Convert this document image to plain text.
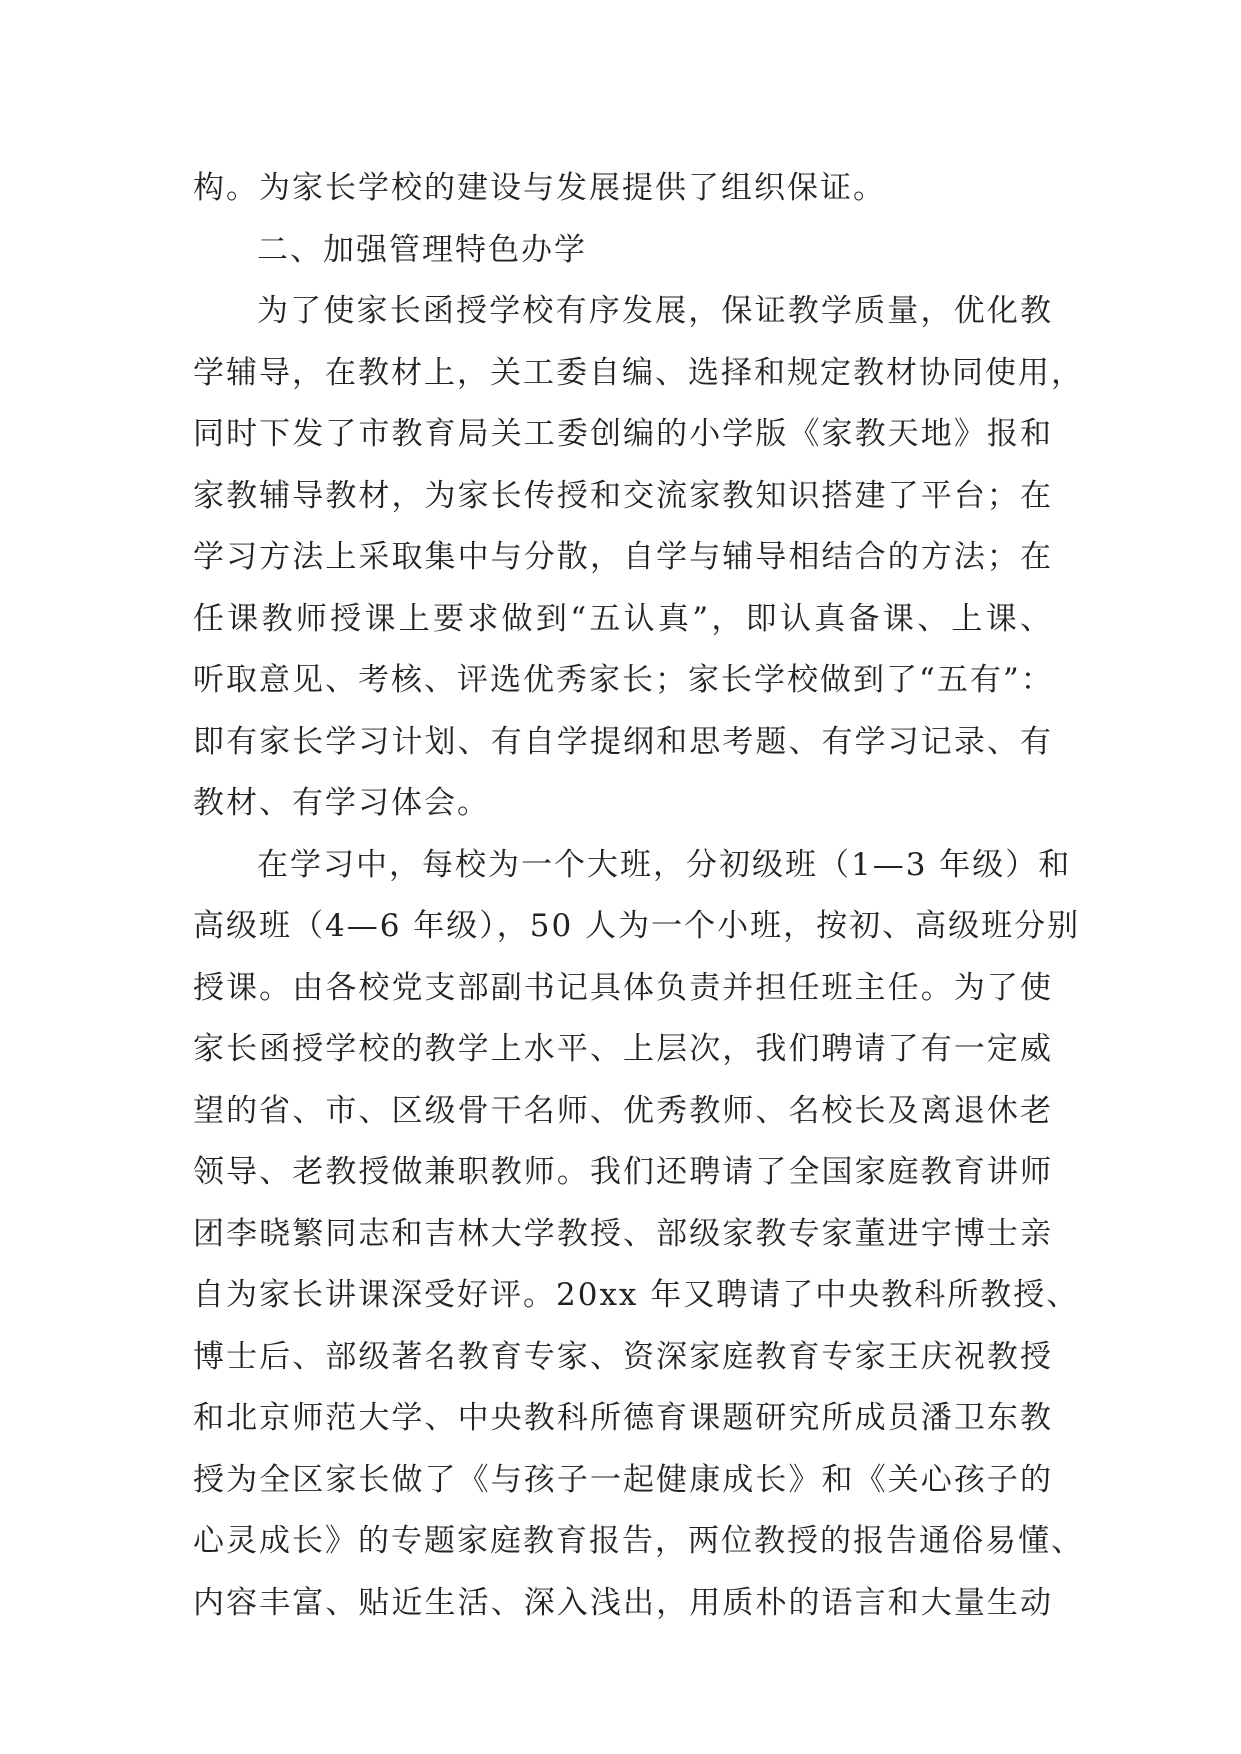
构。为家长学校的建设与发展提供了组织保证。
二、加强管理特色办学
为了使家长函授学校有序发展，保证教学质量，优化教
学辅导，在教材上，关工委自编、选择和规定教材协同使用，
同时下发了市教育局关工委创编的小学版《家教天地》报和
家教辅导教材，为家长传授和交流家教知识搭建了平台；在
学习方法上采取集中与分散，自学与辅导相结合的方法；在
任课教师授课上要求做到“五认真”，即认真备课、上课、
听取意见、考核、评选优秀家长；家长学校做到了“五有”：
即有家长学习计划、有自学提纲和思考题、有学习记录、有
教材、有学习体会。
在学习中，每校为一个大班，分初级班（1—3 年级）和
高级班（4—6 年级），50 人为一个小班，按初、高级班分别
授课。由各校党支部副书记具体负责并担任班主任。为了使
家长函授学校的教学上水平、上层次，我们聘请了有一定威
望的省、市、区级骨干名师、优秀教师、名校长及离退休老
领导、老教授做兼职教师。我们还聘请了全国家庭教育讲师
团李晓繁同志和吉林大学教授、部级家教专家董进宇博士亲
自为家长讲课深受好评。20xx 年又聘请了中央教科所教授、
博士后、部级著名教育专家、资深家庭教育专家王庆祝教授
和北京师范大学、中央教科所德育课题研究所成员潘卫东教
授为全区家长做了《与孩子一起健康成长》和《关心孩子的
心灵成长》的专题家庭教育报告，两位教授的报告通俗易懂、
内容丰富、贴近生活、深入浅出，用质朴的语言和大量生动
